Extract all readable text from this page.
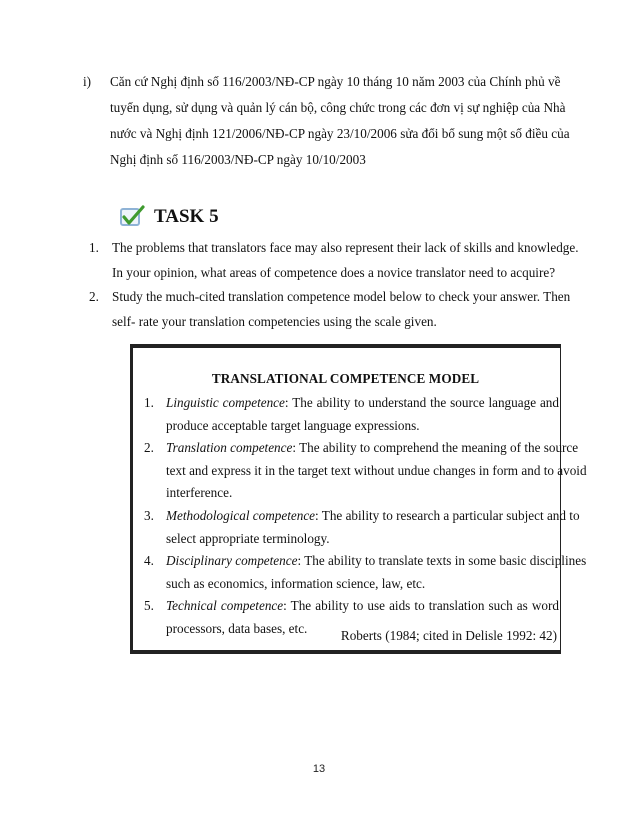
i) Căn cứ Nghị định số 116/2003/NĐ-CP ngày 10 tháng 10 năm 2003 của Chính phủ về
tuyển dụng, sử dụng và quản lý cán bộ, công chức trong các đơn vị sự nghiệp của Nhà
nước và Nghị định 121/2006/NĐ-CP ngày 23/10/2006 sửa đổi bổ sung một số điều của
Nghị định số 116/2003/NĐ-CP ngày 10/10/2003
TASK 5
1. The problems that translators face may also represent their lack of skills and knowledge.
In your opinion, what areas of competence does a novice translator need to acquire?
2. Study the much-cited translation competence model below to check your answer. Then
self- rate your translation competencies using the scale given.
TRANSLATIONAL COMPETENCE MODEL
1. Linguistic competence: The ability to understand the source language and
produce acceptable target language expressions.
2. Translation competence: The ability to comprehend the meaning of the source
text and express it in the target text without undue changes in form and to avoid
interference.
3. Methodological competence: The ability to research a particular subject and to
select appropriate terminology.
4. Disciplinary competence: The ability to translate texts in some basic disciplines
such as economics, information science, law, etc.
5. Technical competence: The ability to use aids to translation such as word
processors, data bases, etc.	Roberts (1984; cited in Delisle 1992: 42)
13
